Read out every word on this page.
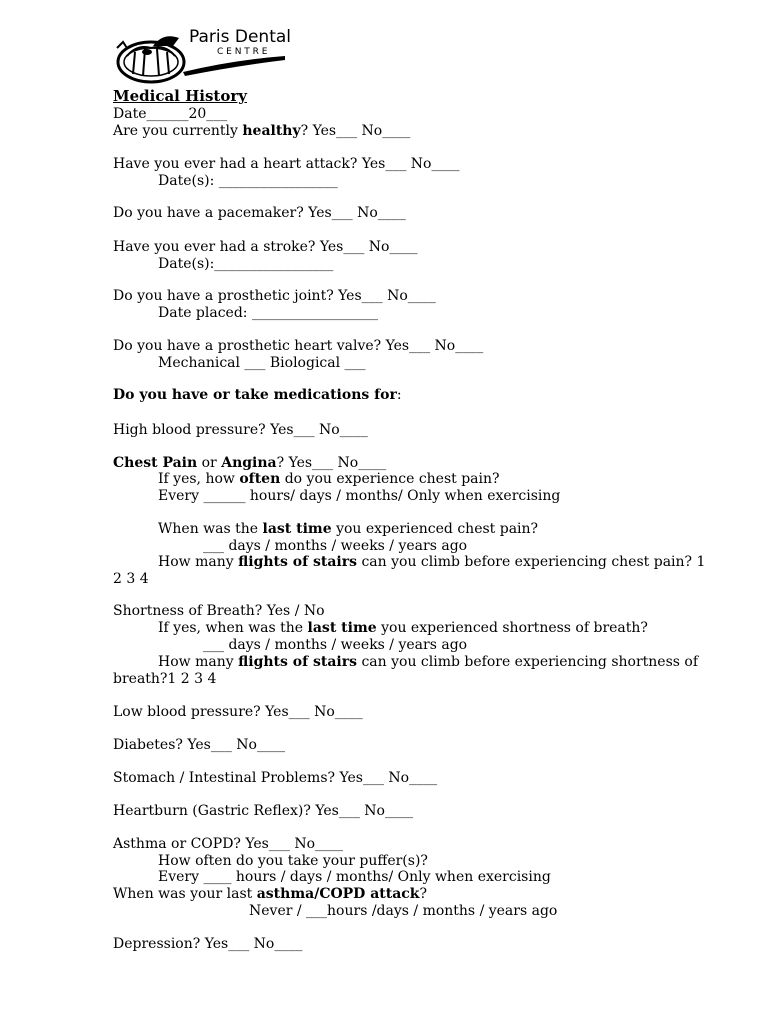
Paris Dental
C E N T R E
Medical History
Date______20___
Are you currently healthy? Yes___ No____
Have you ever had a heart attack? Yes___ No____
Date(s): _________________
Do you have a pacemaker? Yes___ No____
Have you ever had a stroke? Yes___ No____
Date(s):_________________
Do you have a prosthetic joint? Yes___ No____
Date placed: __________________
Do you have a prosthetic heart valve? Yes___ No____
Mechanical ___ Biological ___
Do you have or take medications for:
High blood pressure? Yes___ No____
Chest Pain or Angina? Yes___ No____
If yes, how often do you experience chest pain?
Every ______ hours/ days / months/ Only when exercising
When was the last time you experienced chest pain?
___ days / months / weeks / years ago
How many flights of stairs can you climb before experiencing chest pain? 1
2 3 4
Shortness of Breath? Yes / No
If yes, when was the last time you experienced shortness of breath?
___ days / months / weeks / years ago
How many flights of stairs can you climb before experiencing shortness of
breath?1 2 3 4
Low blood pressure? Yes___ No____
Diabetes? Yes___ No____
Stomach / Intestinal Problems? Yes___ No____
Heartburn (Gastric Reflex)? Yes___ No____
Asthma or COPD? Yes___ No____
How often do you take your puffer(s)?
Every ____ hours / days / months/ Only when exercising
When was your last asthma/COPD attack?
Never / ___hours /days / months / years ago
Depression? Yes___ No____
